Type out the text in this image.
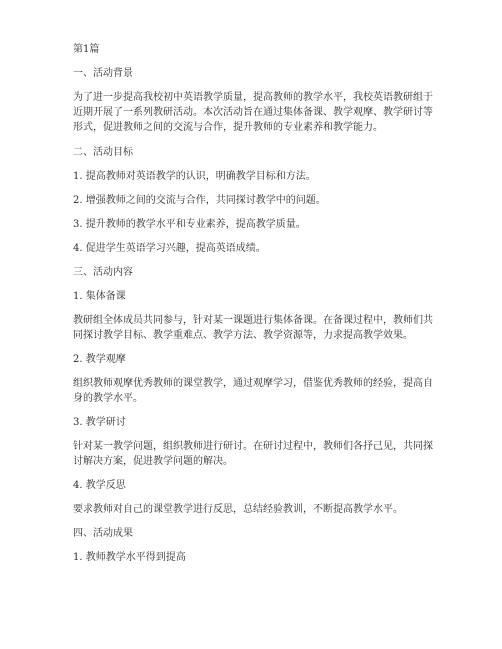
第1篇

一、活动背景

为了进一步提高我校初中英语教学质量，提高教师的教学水平，我校英语教研组于近期开展了一系列教研活动。本次活动旨在通过集体备课、教学观摩、教学研讨等形式，促进教师之间的交流与合作，提升教师的专业素养和教学能力。

二、活动目标

1. 提高教师对英语教学的认识，明确教学目标和方法。

2. 增强教师之间的交流与合作，共同探讨教学中的问题。

3. 提升教师的教学水平和专业素养，提高教学质量。

4. 促进学生英语学习兴趣，提高英语成绩。

三、活动内容

1. 集体备课

教研组全体成员共同参与，针对某一课题进行集体备课。在备课过程中，教师们共同探讨教学目标、教学重难点、教学方法、教学资源等，力求提高教学效果。

2. 教学观摩

组织教师观摩优秀教师的课堂教学，通过观摩学习，借鉴优秀教师的经验，提高自身的教学水平。

3. 教学研讨

针对某一教学问题，组织教师进行研讨。在研讨过程中，教师们各抒己见，共同探讨解决方案，促进教学问题的解决。

4. 教学反思

要求教师对自己的课堂教学进行反思，总结经验教训，不断提高教学水平。

四、活动成果

1. 教师教学水平得到提高
